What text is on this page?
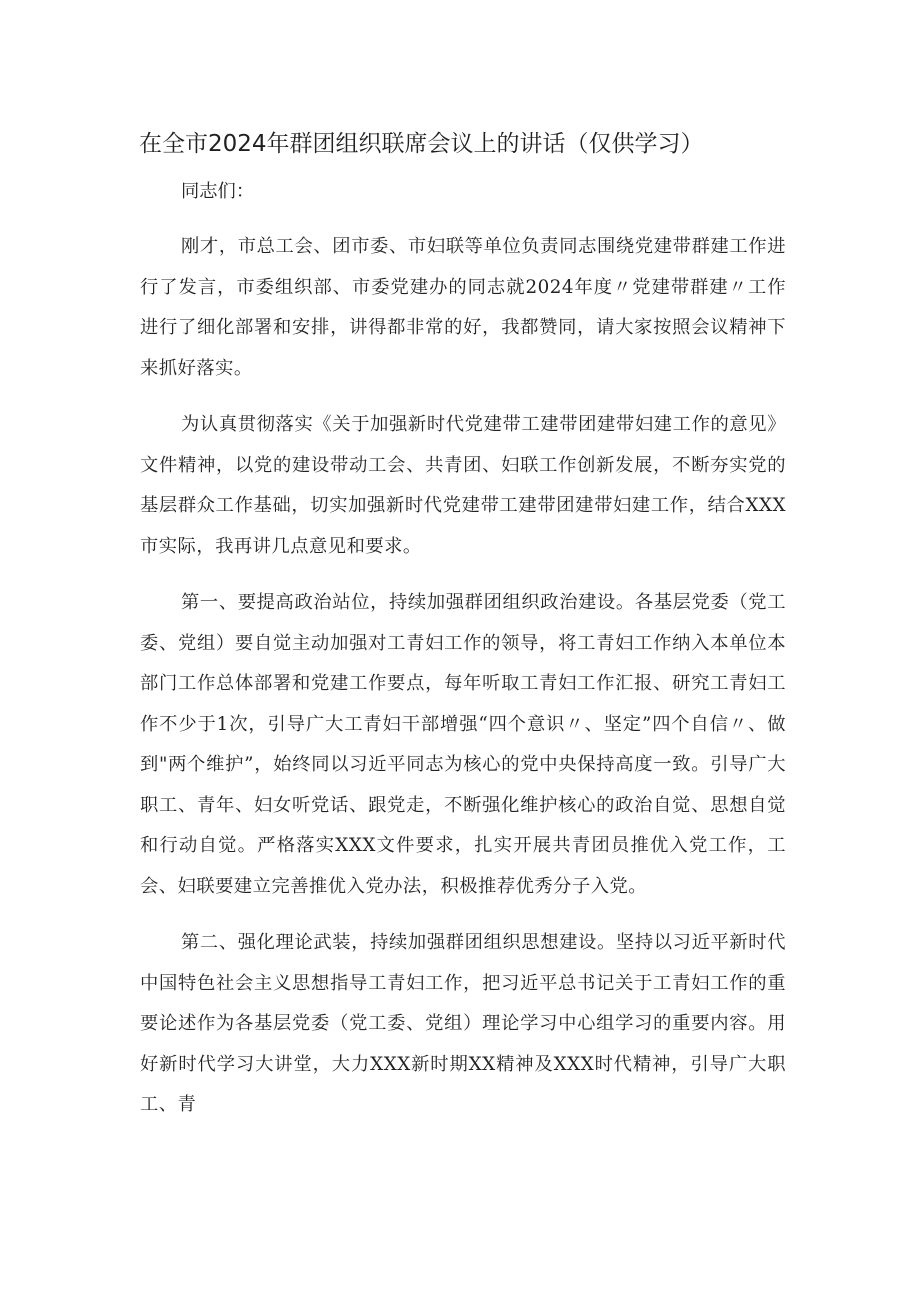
在全市2024年群团组织联席会议上的讲话（仅供学习）

同志们：

刚才，市总工会、团市委、市妇联等单位负责同志围绕党建带群建工作进行了发言，市委组织部、市委党建办的同志就2024年度〃党建带群建〃工作进行了细化部署和安排，讲得都非常的好，我都赞同，请大家按照会议精神下来抓好落实。

为认真贯彻落实《关于加强新时代党建带工建带团建带妇建工作的意见》文件精神，以党的建设带动工会、共青团、妇联工作创新发展，不断夯实党的基层群众工作基础，切实加强新时代党建带工建带团建带妇建工作，结合XXX市实际，我再讲几点意见和要求。

第一、要提高政治站位，持续加强群团组织政治建设。各基层党委（党工委、党组）要自觉主动加强对工青妇工作的领导，将工青妇工作纳入本单位本部门工作总体部署和党建工作要点，每年听取工青妇工作汇报、研究工青妇工作不少于1次，引导广大工青妇干部增强“四个意识〃、坚定”四个自信〃、做到"两个维护”，始终同以习近平同志为核心的党中央保持高度一致。引导广大职工、青年、妇女听党话、跟党走，不断强化维护核心的政治自觉、思想自觉和行动自觉。严格落实XXX文件要求，扎实开展共青团员推优入党工作，工会、妇联要建立完善推优入党办法，积极推荐优秀分子入党。

第二、强化理论武装，持续加强群团组织思想建设。坚持以习近平新时代中国特色社会主义思想指导工青妇工作，把习近平总书记关于工青妇工作的重要论述作为各基层党委（党工委、党组）理论学习中心组学习的重要内容。用好新时代学习大讲堂，大力XXX新时期XX精神及XXX时代精神，引导广大职工、青
